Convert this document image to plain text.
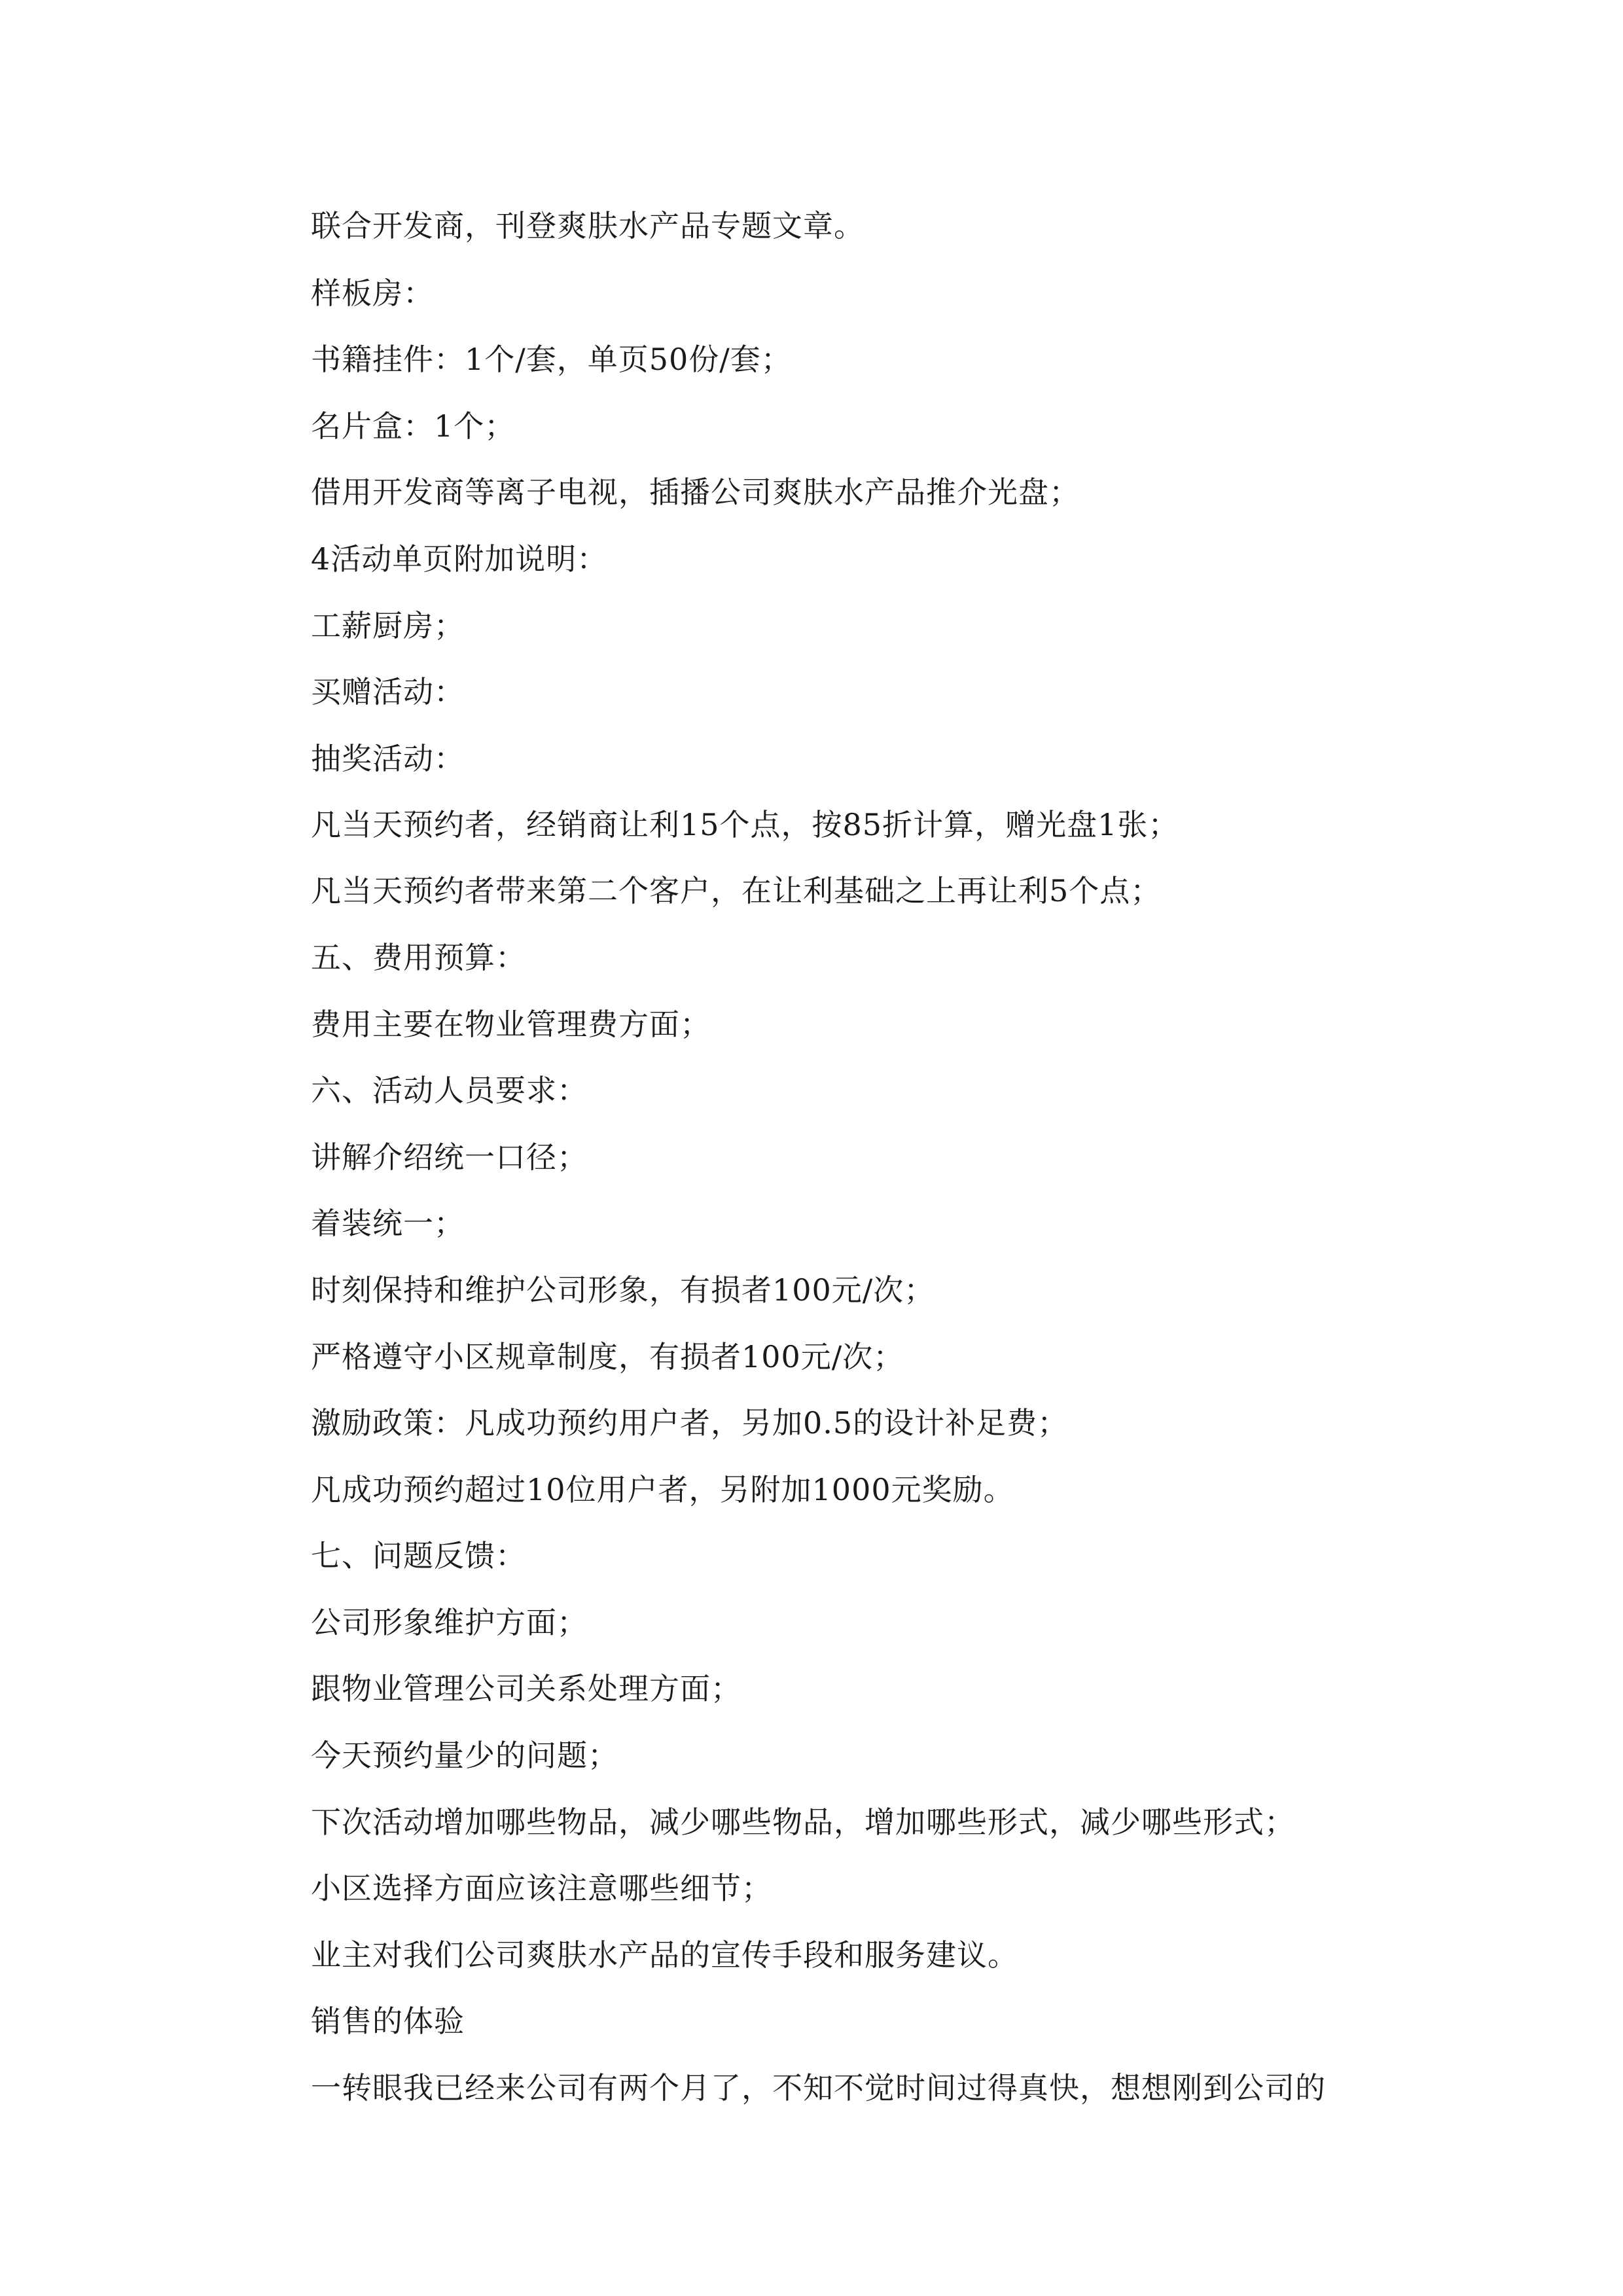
联合开发商，刊登爽肤水产品专题文章。
样板房：
书籍挂件：1个/套，单页50份/套；
名片盒：1个；
借用开发商等离子电视，插播公司爽肤水产品推介光盘；
4活动单页附加说明：
工薪厨房；
买赠活动：
抽奖活动：
凡当天预约者，经销商让利15个点，按85折计算，赠光盘1张；
凡当天预约者带来第二个客户，在让利基础之上再让利5个点；
五、费用预算：
费用主要在物业管理费方面；
六、活动人员要求：
讲解介绍统一口径；
着装统一；
时刻保持和维护公司形象，有损者100元/次；
严格遵守小区规章制度，有损者100元/次；
激励政策：凡成功预约用户者，另加0.5的设计补足费；
凡成功预约超过10位用户者，另附加1000元奖励。
七、问题反馈：
公司形象维护方面；
跟物业管理公司关系处理方面；
今天预约量少的问题；
下次活动增加哪些物品，减少哪些物品，增加哪些形式，减少哪些形式；
小区选择方面应该注意哪些细节；
业主对我们公司爽肤水产品的宣传手段和服务建议。
销售的体验
一转眼我已经来公司有两个月了，不知不觉时间过得真快，想想刚到公司的
